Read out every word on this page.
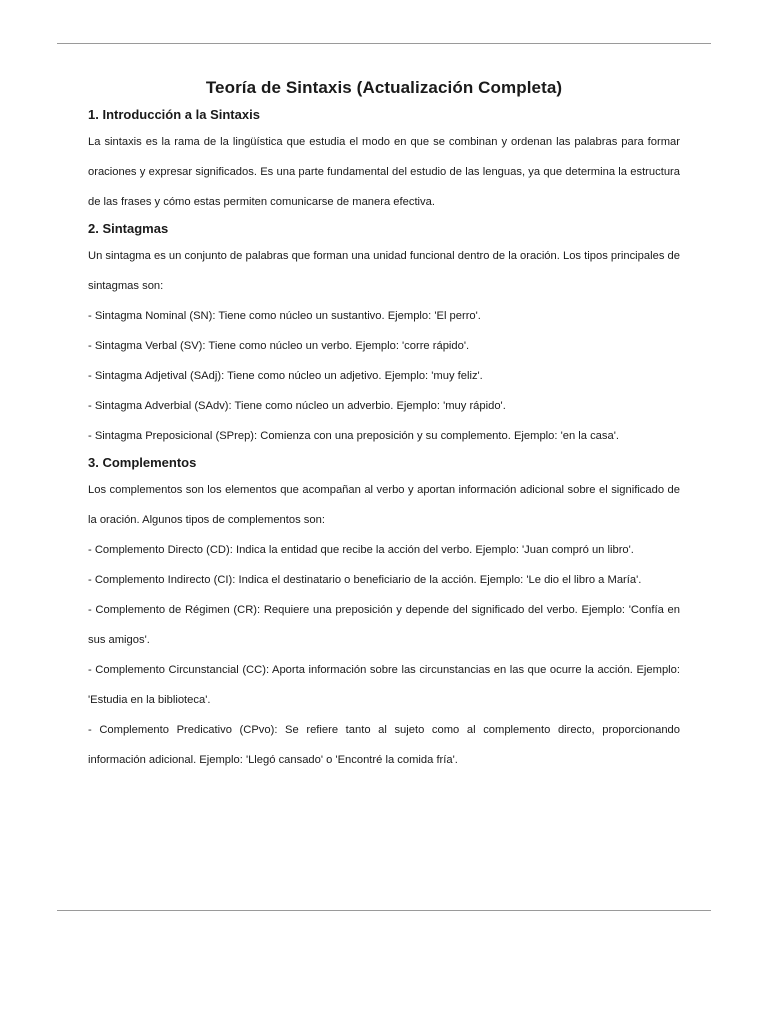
Teoría de Sintaxis (Actualización Completa)
1. Introducción a la Sintaxis

La sintaxis es la rama de la lingüística que estudia el modo en que se combinan y ordenan las palabras para formar oraciones y expresar significados. Es una parte fundamental del estudio de las lenguas, ya que determina la estructura de las frases y cómo estas permiten comunicarse de manera efectiva.

2. Sintagmas

Un sintagma es un conjunto de palabras que forman una unidad funcional dentro de la oración. Los tipos principales de sintagmas son:

- Sintagma Nominal (SN): Tiene como núcleo un sustantivo. Ejemplo: 'El perro'.

- Sintagma Verbal (SV): Tiene como núcleo un verbo. Ejemplo: 'corre rápido'.

- Sintagma Adjetival (SAdj): Tiene como núcleo un adjetivo. Ejemplo: 'muy feliz'.

- Sintagma Adverbial (SAdv): Tiene como núcleo un adverbio. Ejemplo: 'muy rápido'.

- Sintagma Preposicional (SPrep): Comienza con una preposición y su complemento. Ejemplo: 'en la casa'.

3. Complementos

Los complementos son los elementos que acompañan al verbo y aportan información adicional sobre el significado de la oración. Algunos tipos de complementos son:

- Complemento Directo (CD): Indica la entidad que recibe la acción del verbo. Ejemplo: 'Juan compró un libro'.

- Complemento Indirecto (CI): Indica el destinatario o beneficiario de la acción. Ejemplo: 'Le dio el libro a María'.

- Complemento de Régimen (CR): Requiere una preposición y depende del significado del verbo. Ejemplo: 'Confía en sus amigos'.

- Complemento Circunstancial (CC): Aporta información sobre las circunstancias en las que ocurre la acción. Ejemplo: 'Estudia en la biblioteca'.

- Complemento Predicativo (CPvo): Se refiere tanto al sujeto como al complemento directo, proporcionando información adicional. Ejemplo: 'Llegó cansado' o 'Encontré la comida fría'.
